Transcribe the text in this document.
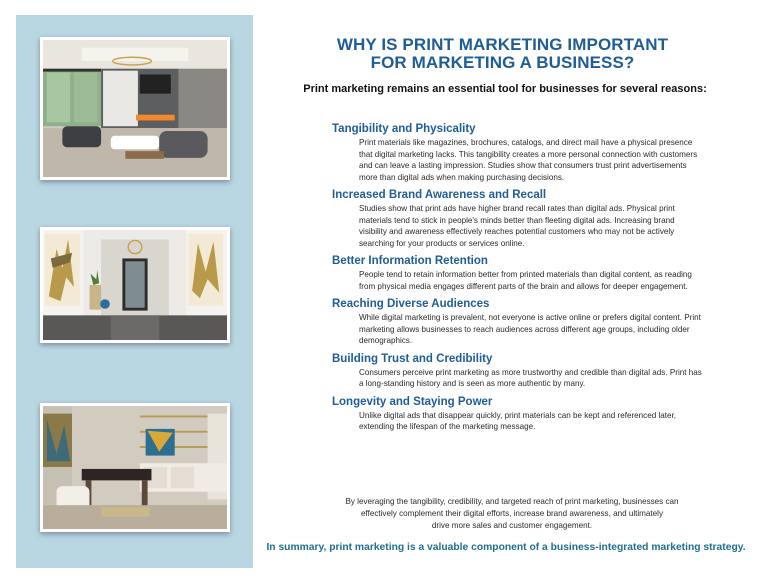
WHY IS PRINT MARKETING IMPORTANT
FOR MARKETING A BUSINESS?
Print marketing remains an essential tool for businesses for several reasons:
Tangibility and Physicality

Print materials like magazines, brochures, catalogs, and direct mail have a physical presence that digital marketing lacks. This tangibility creates a more personal connection with customers and can leave a lasting impression. Studies show that consumers trust print advertisements more than digital ads when making purchasing decisions.

Increased Brand Awareness and Recall

Studies show that print ads have higher brand recall rates than digital ads. Physical print materials tend to stick in people's minds better than fleeting digital ads. Increasing brand visibility and awareness effectively reaches potential customers who may not be actively searching for your products or services online.

Better Information Retention

People tend to retain information better from printed materials than digital content, as reading from physical media engages different parts of the brain and allows for deeper engagement.

Reaching Diverse Audiences

While digital marketing is prevalent, not everyone is active online or prefers digital content. Print marketing allows businesses to reach audiences across different age groups, including older demographics.

Building Trust and Credibility

Consumers perceive print marketing as more trustworthy and credible than digital ads. Print has a long-standing history and is seen as more authentic by many.

Longevity and Staying Power

Unlike digital ads that disappear quickly, print materials can be kept and referenced later, extending the lifespan of the marketing message.

By leveraging the tangibility, credibility, and targeted reach of print marketing, businesses can
effectively complement their digital efforts, increase brand awareness, and ultimately
drive more sales and customer engagement.
In summary, print marketing is a valuable component of a business-integrated marketing strategy.
